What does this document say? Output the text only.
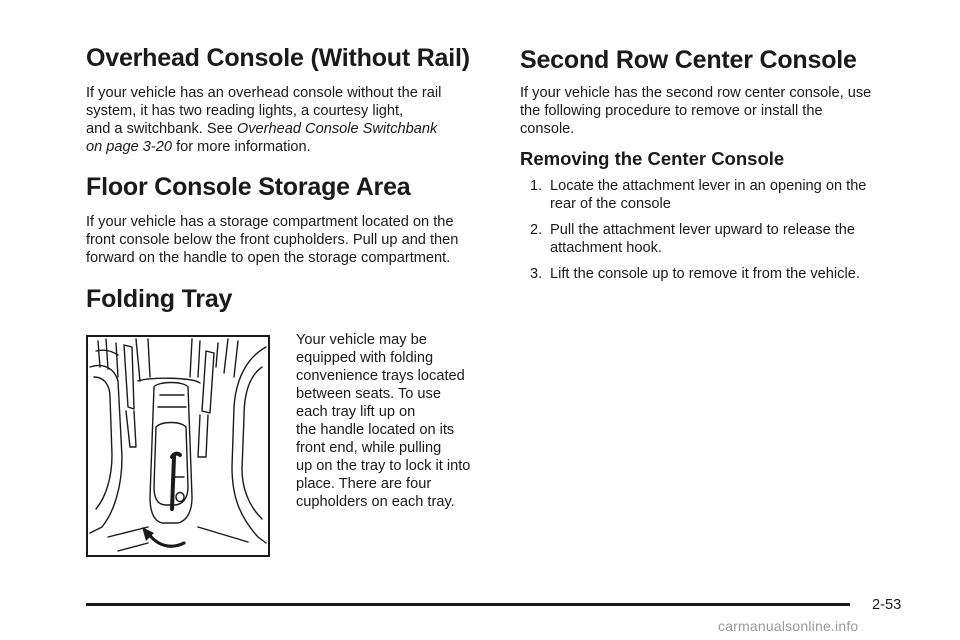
Overhead Console (Without Rail)

If your vehicle has an overhead console without the rail
system, it has two reading lights, a courtesy light,
and a switchbank. See Overhead Console Switchbank
on page 3-20 for more information.

Floor Console Storage Area

If your vehicle has a storage compartment located on the
front console below the front cupholders. Pull up and then
forward on the handle to open the storage compartment.

Folding Tray

Your vehicle may be
equipped with folding
convenience trays located
between seats. To use
each tray lift up on
the handle located on its
front end, while pulling
up on the tray to lock it into
place. There are four
cupholders on each tray.

Second Row Center Console

If your vehicle has the second row center console, use
the following procedure to remove or install the
console.

Removing the Center Console
1. Locate the attachment lever in an opening on the
rear of the console
2. Pull the attachment lever upward to release the
attachment hook.
3. Lift the console up to remove it from the vehicle.
2-53
carmanualsonline.info
